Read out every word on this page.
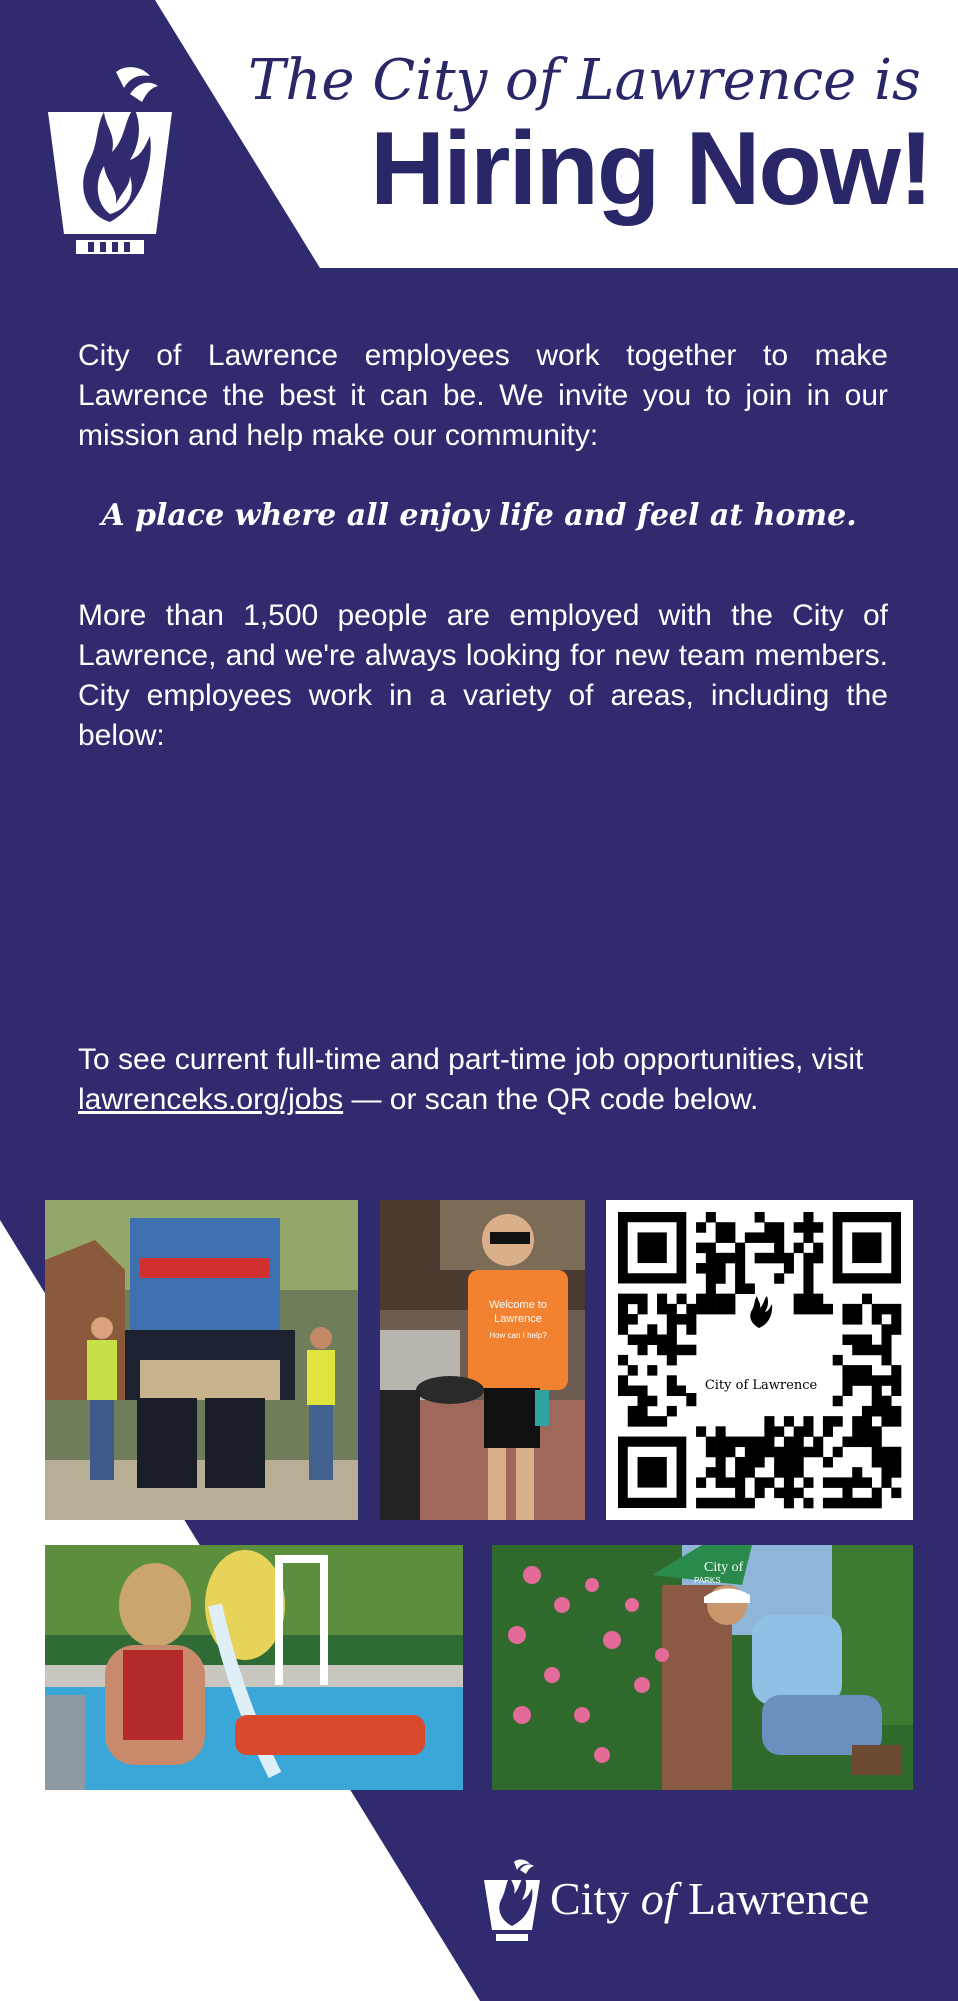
The City of Lawrence is
Hiring Now!
City of Lawrence employees work together to make Lawrence the best it can be. We invite you to join in our mission and help make our community:
A place where all enjoy life and feel at home.
More than 1,500 people are employed with the City of Lawrence, and we're always looking for new team members. City employees work in a variety of areas, including the below:
To see current full-time and part-time job opportunities, visit lawrenceks.org/jobs — or scan the QR code below.
Welcome to
Lawrence
How can I help?
City of Lawrence
City of
PARKS
City of Lawrence
